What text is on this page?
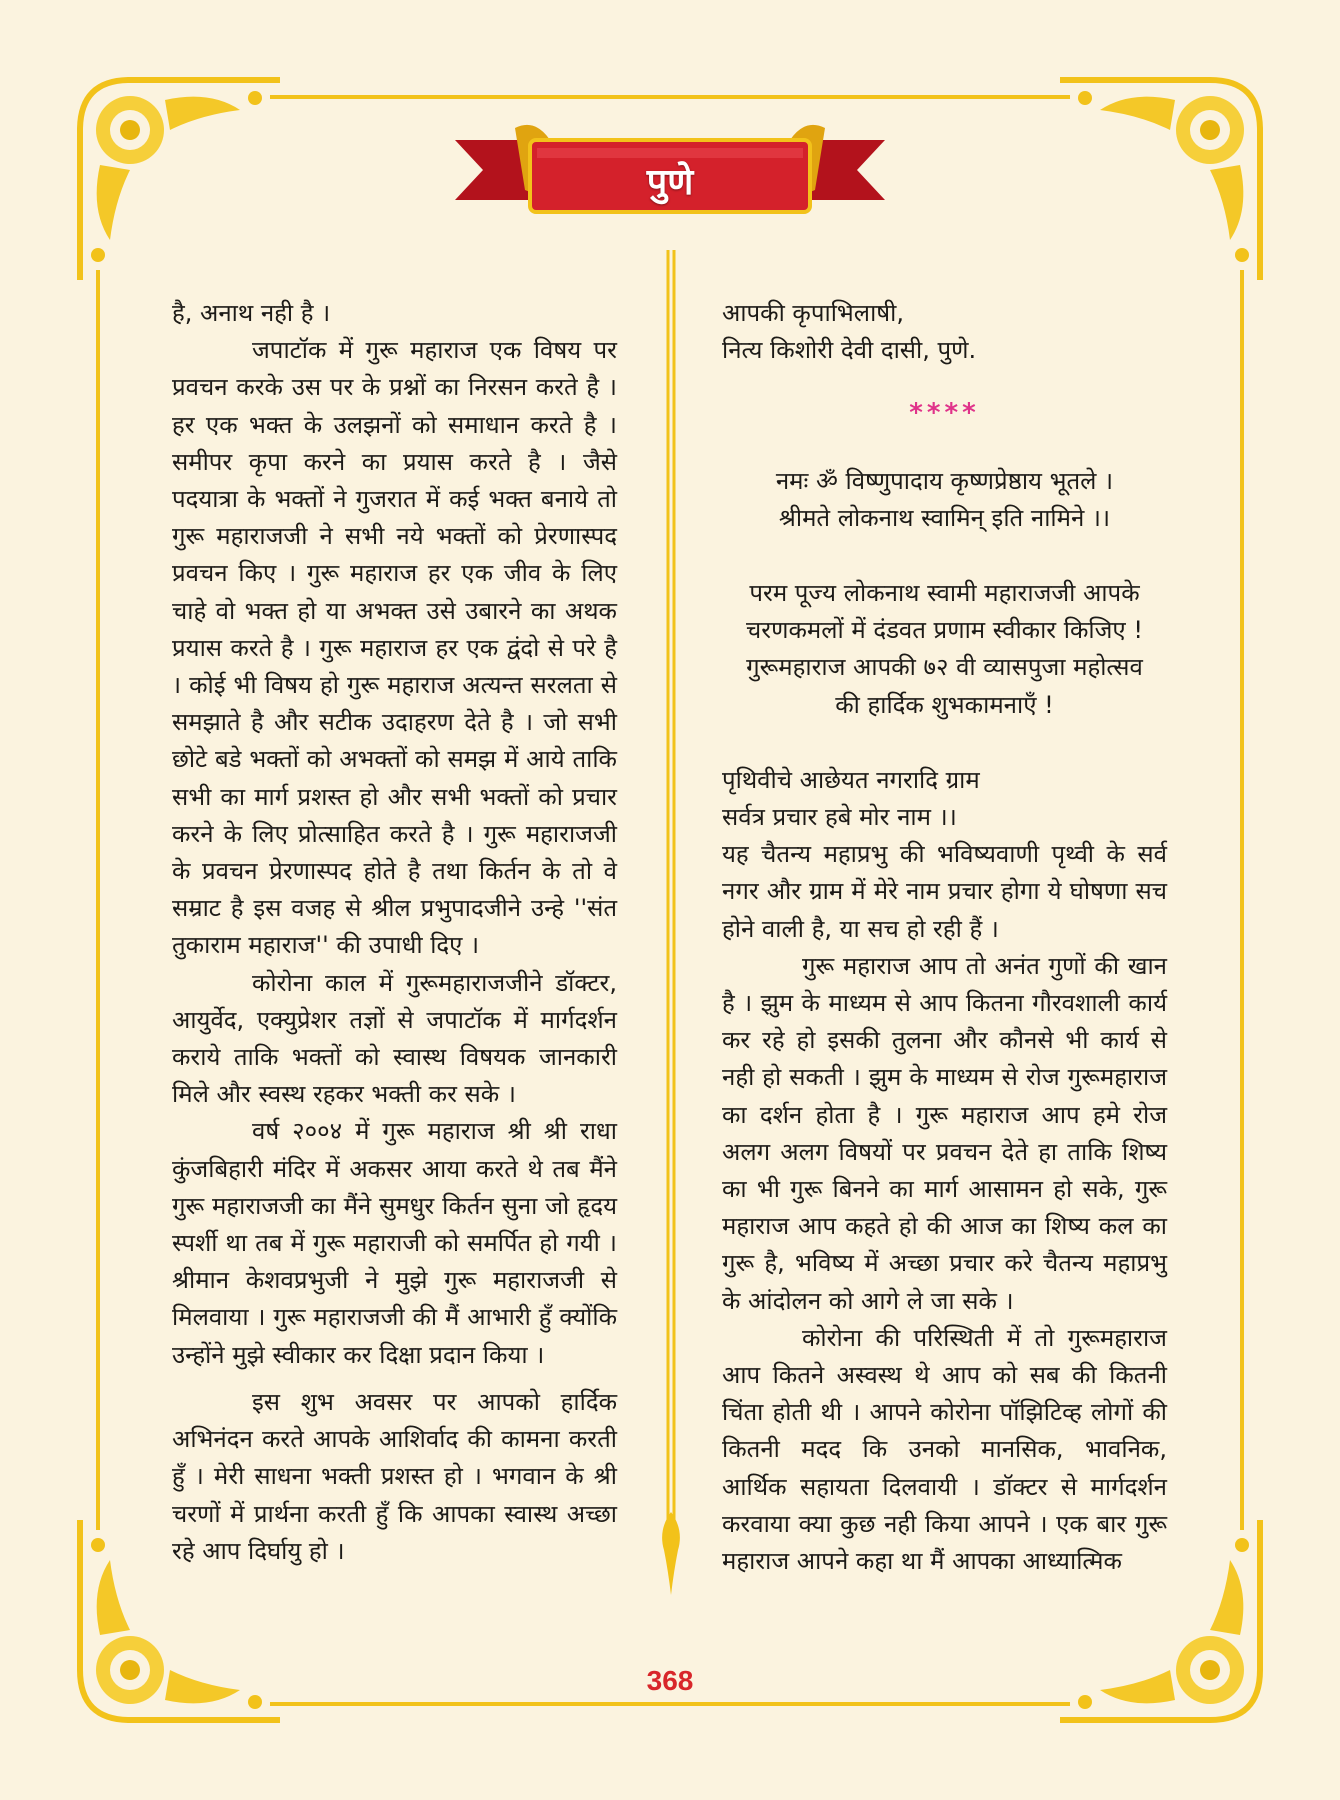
पुणे

है, अनाथ नही है ।

जपाटॉक में गुरू महाराज एक विषय पर प्रवचन करके उस पर के प्रश्नों का निरसन करते है । हर एक भक्त के उलझनों को समाधान करते है । समीपर कृपा करने का प्रयास करते है । जैसे पदयात्रा के भक्तों ने गुजरात में कई भक्त बनाये तो गुरू महाराजजी ने सभी नये भक्तों को प्रेरणास्पद प्रवचन किए । गुरू महाराज हर एक जीव के लिए चाहे वो भक्त हो या अभक्त उसे उबारने का अथक प्रयास करते है । गुरू महाराज हर एक द्वंदो से परे है । कोई भी विषय हो गुरू महाराज अत्यन्त सरलता से समझाते है और सटीक उदाहरण देते है । जो सभी छोटे बडे भक्तों को अभक्तों को समझ में आये ताकि सभी का मार्ग प्रशस्त हो और सभी भक्तों को प्रचार करने के लिए प्रोत्साहित करते है । गुरू महाराजजी के प्रवचन प्रेरणास्पद होते है तथा किर्तन के तो वे सम्राट है इस वजह से श्रील प्रभुपादजीने उन्हे ''संत तुकाराम महाराज'' की उपाधी दिए ।

कोरोना काल में गुरूमहाराजजीने डॉक्टर, आयुर्वेद, एक्युप्रेशर तज्ञों से जपाटॉक में मार्गदर्शन कराये ताकि भक्तों को स्वास्थ विषयक जानकारी मिले और स्वस्थ रहकर भक्ती कर सके ।

वर्ष २००४ में गुरू महाराज श्री श्री राधा कुंजबिहारी मंदिर में अकसर आया करते थे तब मैंने गुरू महाराजजी का मैंने सुमधुर किर्तन सुना जो हृदय स्पर्शी था तब में गुरू महाराजी को समर्पित हो गयी । श्रीमान केशवप्रभुजी ने मुझे गुरू महाराजजी से मिलवाया । गुरू महाराजजी की मैं आभारी हुँ क्योंकि उन्होंने मुझे स्वीकार कर दिक्षा प्रदान किया ।

इस शुभ अवसर पर आपको हार्दिक अभिनंदन करते आपके आशिर्वाद की कामना करती हुँ । मेरी साधना भक्ती प्रशस्त हो । भगवान के श्री चरणों में प्रार्थना करती हुँ कि आपका स्वास्थ अच्छा रहे आप दिर्घायु हो ।

आपकी कृपाभिलाषी,

नित्य किशोरी देवी दासी, पुणे.

****

नमः ॐ विष्णुपादाय कृष्णप्रेष्ठाय भूतले ।

श्रीमते लोकनाथ स्वामिन् इति नामिने ।।

परम पूज्य लोकनाथ स्वामी महाराजजी आपके

चरणकमलों में दंडवत प्रणाम स्वीकार किजिए !

गुरूमहाराज आपकी ७२ वी व्यासपुजा महोत्सव

की हार्दिक शुभकामनाएँ !

पृथिवीचे आछेयत नगरादि ग्राम

सर्वत्र प्रचार हबे मोर नाम ।।

यह चैतन्य महाप्रभु की भविष्यवाणी पृथ्वी के सर्व नगर और ग्राम में मेरे नाम प्रचार होगा ये घोषणा सच होने वाली है, या सच हो रही हैं ।

गुरू महाराज आप तो अनंत गुणों की खान है । झुम के माध्यम से आप कितना गौरवशाली कार्य कर रहे हो इसकी तुलना और कौनसे भी कार्य से नही हो सकती । झुम के माध्यम से रोज गुरूमहाराज का दर्शन होता है । गुरू महाराज आप हमे रोज अलग अलग विषयों पर प्रवचन देते हा ताकि शिष्य का भी गुरू बिनने का मार्ग आसामन हो सके, गुरू महाराज आप कहते हो की आज का शिष्य कल का गुरू है, भविष्य में अच्छा प्रचार करे चैतन्य महाप्रभु के आंदोलन को आगे ले जा सके ।

कोरोना की परिस्थिती में तो गुरूमहाराज आप कितने अस्वस्थ थे आप को सब की कितनी चिंता होती थी । आपने कोरोना पॉझिटिव्ह लोगों की कितनी मदद कि उनको मानसिक, भावनिक, आर्थिक सहायता दिलवायी । डॉक्टर से मार्गदर्शन करवाया क्या कुछ नही किया आपने । एक बार गुरू महाराज आपने कहा था मैं आपका आध्यात्मिक

368
